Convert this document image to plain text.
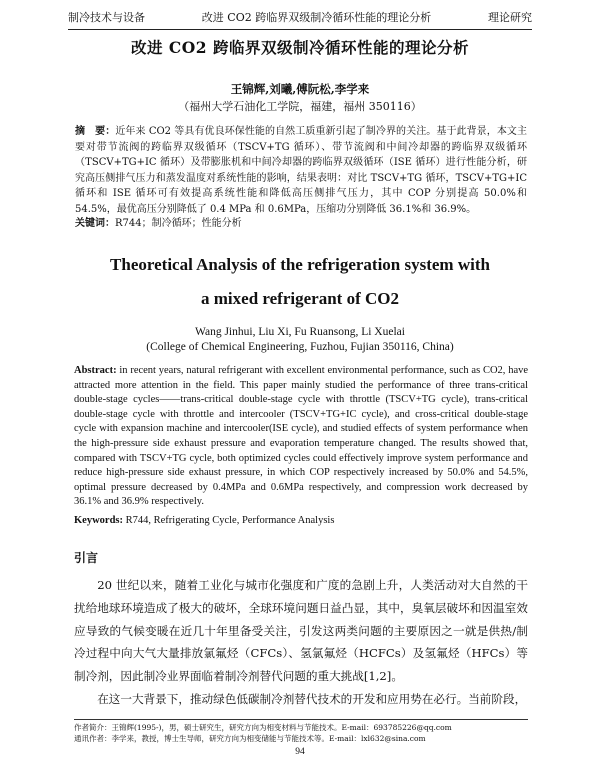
制冷技术与设备	改进 CO2 跨临界双级制冷循环性能的理论分析	理论研究
改进 CO2 跨临界双级制冷循环性能的理论分析
王锦辉,刘曦,傅阮松,李学来
（福州大学石油化工学院，福建，福州 350116）
摘　要：近年来 CO2 等具有优良环保性能的自然工质重新引起了制冷界的关注。基于此背景，本文主要对带节流阀的跨临界双级循环（TSCV+TG 循环）、带节流阀和中间冷却器的跨临界双级循环（TSCV+TG+IC 循环）及带膨胀机和中间冷却器的跨临界双级循环（ISE 循环）进行性能分析，研究高压侧排气压力和蒸发温度对系统性能的影响，结果表明：对比 TSCV+TG 循环，TSCV+TG+IC 循环和 ISE 循环可有效提高系统性能和降低高压侧排气压力，其中 COP 分别提高 50.0%和 54.5%，最优高压分别降低了 0.4 MPa 和 0.6MPa，压缩功分别降低 36.1%和 36.9%。
关键词：R744；制冷循环；性能分析
Theoretical Analysis of the refrigeration system with
a mixed refrigerant of CO2
Wang Jinhui, Liu Xi, Fu Ruansong, Li Xuelai
(College of Chemical Engineering, Fuzhou, Fujian 350116, China)
Abstract: in recent years, natural refrigerant with excellent environmental performance, such as CO2, have attracted more attention in the field. This paper mainly studied the performance of three trans-critical double-stage cycles——trans-critical double-stage cycle with throttle (TSCV+TG cycle), trans-critical double-stage cycle with throttle and intercooler (TSCV+TG+IC cycle), and cross-critical double-stage cycle with expansion machine and intercooler(ISE cycle), and studied effects of system performance when the high-pressure side exhaust pressure and evaporation temperature changed. The results showed that, compared with TSCV+TG cycle, both optimized cycles could effectively improve system performance and reduce high-pressure side exhaust pressure, in which COP respectively increased by 50.0% and 54.5%, optimal pressure decreased by 0.4MPa and 0.6MPa respectively, and compression work decreased by 36.1% and 36.9% respectively.
Keywords: R744, Refrigerating Cycle, Performance Analysis
引言

20 世纪以来，随着工业化与城市化强度和广度的急剧上升，人类活动对大自然的干扰给地球环境造成了极大的破坏，全球环境问题日益凸显，其中，臭氧层破坏和因温室效应导致的气候变暖在近几十年里备受关注，引发这两类问题的主要原因之一就是供热/制冷过程中向大气大量排放氯氟烃（CFCs）、氢氯氟烃（HCFCs）及氢氟烃（HFCs）等制冷剂，因此制冷业界面临着制冷剂替代问题的重大挑战[1,2]。

在这一大背景下，推动绿色低碳制冷剂替代技术的开发和应用势在必行。当前阶段，

作者简介：王锦辉(1995-)，男，硕士研究生，研究方向为相变材料与节能技术。E-mail：693785226@qq.com
通讯作者：李学来，教授，博士生导师，研究方向为相变储能与节能技术等。E-mail：lxl632@sina.com
94
